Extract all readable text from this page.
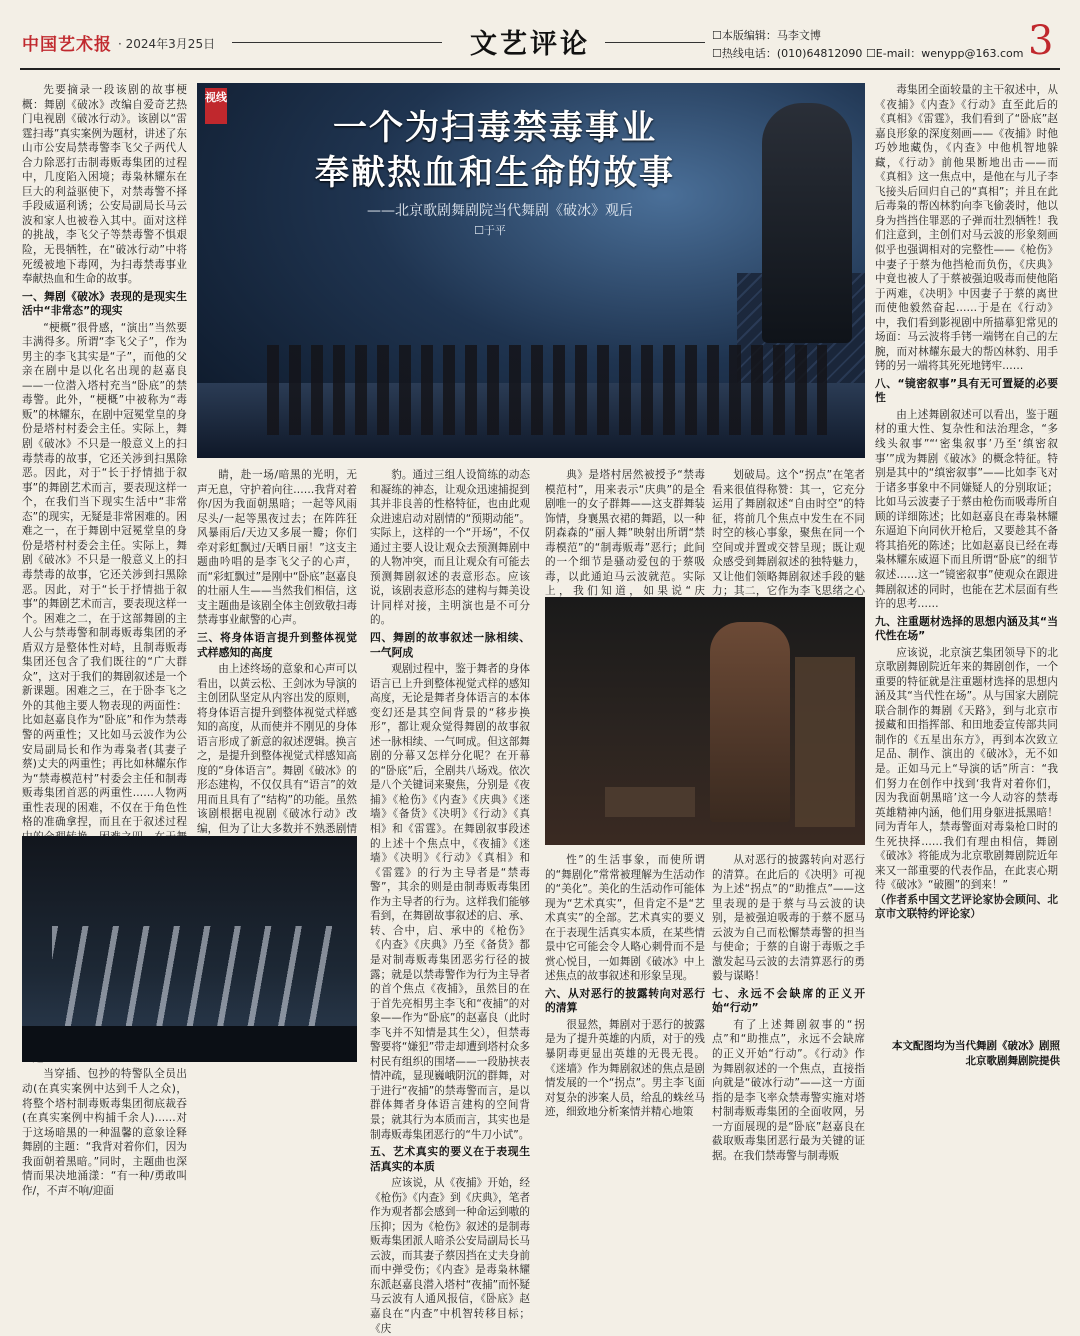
中国艺术报 · 2024年3月25日	文艺评论	☐本版编辑：马李文博
☐热线电话：(010)64812090 ☐E-mail：wenypp@163.com 3
视线
一个为扫毒禁毒事业
奉献热血和生命的故事
——北京歌剧舞剧院当代舞剧《破冰》观后
☐于平

先要摘录一段该剧的故事梗概：舞剧《破冰》改编自爱奇艺热门电视剧《破冰行动》。该剧以“雷霆扫毒”真实案例为题材，讲述了东山市公安局禁毒警李飞父子两代人合力除恶打击制毒贩毒集团的过程中，几度陷入困境；毒枭林耀东在巨大的利益驱使下，对禁毒警不择手段威逼利诱；公安局副局长马云波和家人也被卷入其中。面对这样的挑战，李飞父子等禁毒警不惧艰险，无畏牺牲，在“破冰行动”中将死缓被地下毒网，为扫毒禁毒事业奉献热血和生命的故事。

一、舞剧《破冰》表现的是现实生活中“非常态”的现实

“梗概”很骨感，“演出”当然要丰满得多。所谓“李飞父子”，作为男主的李飞其实是“子”，而他的父亲在剧中是以化名出现的赵嘉良——一位潜入塔村充当“卧底”的禁毒警。此外，“梗概”中被称为“毒贩”的林耀东，在剧中冠冕堂皇的身份是塔村村委会主任。实际上，舞剧《破冰》不只是一般意义上的扫毒禁毒的故事，它还关涉到扫黑除恶。因此，对于“长于抒情拙于叙事”的舞剧艺术而言，要表现这样一个，在我们当下现实生活中“非常态”的现实，无疑是非常困难的。困难之一，在于舞剧中冠冕堂皇的身份是塔村村委会主任。实际上，舞剧《破冰》不只是一般意义上的扫毒禁毒的故事，它还关涉到扫黑除恶。因此，对于“长于抒情拙于叙事”的舞剧艺术而言，要表现这样一个。困难之二，在于这部舞剧的主人公与禁毒警和制毒贩毒集团的矛盾双方是整体性对峙，且制毒贩毒集团还包含了我们既往的“广大群众”，这对于我们的舞剧叙述是一个新课题。困难之三，在于卧李飞之外的其他主要人物表现的两面性：比如赵嘉良作为“卧底”和作为禁毒警的两重性；又比如马云波作为公安局副局长和作为毒枭者(其妻子蔡)丈夫的两重性；再比如林耀东作为“禁毒模范村”村委会主任和制毒贩毒集团首恶的两重性……人物两重性表现的困难，不仅在于角色性格的准确拿捏，而且在于叙述过程

当穿插、包抄的特警队全员出动(在真实案例中达到千人之众)，将整个塔村制毒贩毒集团彻底裁吞(在真实案例中构捕千余人)……对于这场暗黑的一种温馨的意象诠释舞剧的主题：“我背对着你们，因为我面朝着黑暗。”同时，主题曲也深情而果决地涌漾：“有一种/勇敢叫作/，不声不响/迎面

睛，赴一场/暗黑的光明，无声无息，守护着向往……我背对着你/因为我面朝黑暗；一起等风雨尽头/一起等黑夜过去；在阵阵狂风暴雨后/天边又多展一瓣；你们牵对彩虹飘过/天晒日丽！”这支主题曲吟唱的是李飞父子的心声，而“彩虹飘过”是刚中“卧底”赵嘉良的壮丽人生——当然我们相信，这支主题曲是该剧全体主创致敬扫毒禁毒事业献警的心声。

三、将身体语言提升到整体视觉式样感知的高度

由上述终场的意象和心声可以看出，以黄云松、王剑冰为导演的主创团队坚定从内容出发的原则，将身体语言提升到整体视觉式样感知的高度，从而使并不刚见的身体语言形成了新意的叙述逻辑。换言之，是提升到整体视觉式样感知高度的“身体语言”。舞剧《破冰》的形态建构，不仅仅具有“语言”的效用而且具有了“结构”的功能。虽然该剧根据电视剧《破冰行动》改编，但为了让大多数并不熟悉剧情

豹。通过三组人设简练的动态和凝练的神态，让观众迅速捕捉到其并非良善的性格特征，也由此观众进速启动对剧情的“预期动能”。实际上，这样的一个“开场”，不仅通过主要人设让观众去预测舞剧中的人物冲突，而且让观众有可能去预测舞剧叙述的表意形态。应该说，该剧表意形态的建构与舞美设计同样对接，主明演也是不可分的。

四、舞剧的故事叙述一脉相续、一气阿成

观剧过程中，鉴于舞者的身体语言已上升到整体视觉式样的感知高度，无论是舞者身体语言的本体变幻还是其空间背景的“移步换形”，都让观众觉得舞剧的故事叙述一脉相续、一气呵成。但这部舞剧的分幕又怎样分化呢？在开幕的“卧底”后，全剧共八场戏。依次是八个关键词来聚焦，分别是《夜捕》《枪伤》《内查》《庆典》《迷墙》《备货》《决明》《行动》《真相》和《雷霆》。在舞剧叙事段述的上述十个焦点中，《夜捕》《迷墙》《决明》《行动》《真相》和《雷霆》的行为主导者是“禁毒警”，其余的则是由制毒贩毒集团作为主导者的行为。这样我们能够看到，在舞剧故事叙述的启、承、转、合中，启、承中的《枪伤》《内查》《庆典》乃至《备货》都是对制毒贩毒集团恶劣行径的披露；就是以禁毒警作为行为主导者的首个焦点《夜捕》，虽然目的在于首先亮相男主李飞和“夜捕”的对象——作为“卧底”的赵嘉良（此时李飞并不知情是其生父），但禁毒警要将“嫌犯”带走却遭到塔村众多村民有组织的围堵——一段胁挟表情冲疏，显现巍峨阴沉的群舞，对于进行“夜捕”的禁毒警而言，是以群体舞者身体语言建构的空间背景；就其行为本质而言，其实也是制毒贩毒集团恶行的“牛刀小试”。

五、艺术真实的要义在于表现生活真实的本质

应该说，从《夜捕》开始，经《枪伤》《内查》到《庆典》，笔者作为观者都会感到一种命运到嗷的压抑；因为《枪伤》叙述的是制毒贩毒集团派人暗杀公安局副局长马云波，而其妻子蔡因挡在丈夫身前而中弹受伤；《内查》是毒枭林耀东派赵嘉良潜入塔村“夜捕”而怀疑马云波有人通风报信，《卧底》赵嘉良在“内查”中机智转移目标；《庆

典》是塔村居然被授予“禁毒模范村”，用来表示“庆典”的是全剧唯一的女子群舞——这支群舞装饰情，身襄黑衣裙的舞蹈，以一种阴森森的“丽人舞”映射出所谓“禁毒模范”的“制毒贩毒”恶行；此间的一个细节是骚动爱包的于蔡吸毒，以此通迫马云波就范。实际上，我们知道，如果说“庆

划破局。这个“拐点”在笔者看来很值得称赞：其一，它充分运用了舞剧叙述“自由时空”的特征，将前几个焦点中发生在不同时空的核心事象，聚焦在同一个空间或并置或交替呈现；既让观众感受到舞剧叙述的独特魅力，又让他们领略舞剧叙述手段的魅力；其二，它作为李飞思绪之心

性”的生活事象，而使所谓的“舞剧化”常常被理解为生活动作的“美化”。美化的生活动作可能体现为“艺术真实”，但肯定不是“艺术真实”的全部。艺术真实的要义在于表现生活真实本质，在某些情景中它可能会令人略心刺骨而不是赏心悦目，一如舞剧《破冰》中上述焦点的故事叙述和形象呈现。

六、从对恶行的披露转向对恶行的清算

很显然，舞剧对于恶行的披露是为了提升英雄的内质，对于的残暴阴毒更显出英雄的无畏无畏。《迷墙》作为舞剧叙述的焦点是剧情发展的一个“拐点”。男主李飞面对复杂的涉案人员，给乱的蛛丝马迹，细致地分析案情并精心地策

从对恶行的披露转向对恶行的清算。在此后的《决明》可视为上述“拐点”的“助推点”——这里表现的是于蔡与马云波的诀别，是被强迫吸毒的于蔡不愿马云波为自己而松懈禁毒警的担当与使命；于蔡的自谢于毒贩之手激发起马云波的去清算恶行的勇毅与谋略！

七、永远不会缺席的正义开始“行动”

有了上述舞剧叙事的“拐点”和“助推点”，永远不会缺席的正义开始“行动”。《行动》作为舞剧叙述的一个焦点，直接指向就是“破冰行动”——这一方面指的是李飞率众禁毒警实施对塔村制毒贩毒集团的全面收网，另一方面展现的是“卧底”赵嘉良在截取贩毒集团恶行最为关键的证据。在我们禁毒警与制毒贩

毒集团全面较量的主干叙述中，从《夜捕》《内查》《行动》直至此后的《真相》《雷霆》，我们看到了“卧底”赵嘉良形象的深度刻画——《夜捕》时他巧妙地藏伪，《内查》中他机智地躲藏，《行动》前他果断地出击——而《真相》这一焦点中，是他在与儿子李飞接头后回归自己的“真相”；并且在此后毒枭的帮凶林豹向李飞偷袭时，他以身为挡挡住罪恶的子弹而壮烈牺牲！我们注意到，主创们对马云波的形象刻画似乎也强调相对的完整性——《枪伤》中妻子于蔡为他挡枪而负伤，《庆典》中竟也被人了于蔡被强迫吸毒而使他陷于两难，《决明》中因妻子于蔡的离世而使他毅然奋起……于是在《行动》中，我们看到影视剧中所描摹犯常见的场面：马云波将手铐一端铐在自己的左腕，而对林耀东最大的帮凶林豹、用手铐的另一端将其死死地铐牢……

八、“镜密叙事”具有无可置疑的必要性

由上述舞剧叙述可以看出，鉴于题材的重大性、复杂性和法治理念，“多线头叙事”“‘密集叙事’乃至‘缜密叙事’”成为舞剧《破冰》的概念特征。特别是其中的“缜密叙事”——比如李飞对于诸多事象中不同嫌疑人的分别取证；比如马云波妻子于蔡由枪伤而吸毒所自顾的详细陈述；比如赵嘉良在毒枭林耀东逼迫下向同伙开枪后，又要趁其不备将其掐死的陈述；比如赵嘉良已经在毒枭林耀东威逼下而且所谓“卧底”的细节叙述……这一“镜密叙事”使观众在跟进舞剧叙述的同时，也能在艺术层面有些许的思考……

九、注重题材选择的思想内涵及其“当代性在场”

应该说，北京演艺集团领导下的北京歌剧舞剧院近年来的舞剧创作，一个重要的特征就是注重题材选择的思想内涵及其“当代性在场”。从与国家大剧院联合制作的舞剧《天路》，到与北京市援藏和田指挥部、和田地委宣传部共同制作的《五星出东方》，再到本次致立足品、制作、演出的《破冰》，无不如是。正如马元上“导演的话”所言：“我们努力在创作中找到‘我背对着你们，因为我面朝黑暗’这一今人动容的禁毒英雄精神内涵，他们用身躯进抵黑暗！同为青年人，禁毒警面对毒枭枪口时的生死抉择……我们有理由相信，舞剧《破冰》将能成为北京歌剧舞剧院近年来又一部重要的代表作品，在此衷心期待《破冰》“破圈”的到来！”

（作者系中国文艺评论家协会顾问、北京市文联特约评论家）

本文配图均为当代舞剧《破冰》剧照
北京歌剧舞剧院提供
